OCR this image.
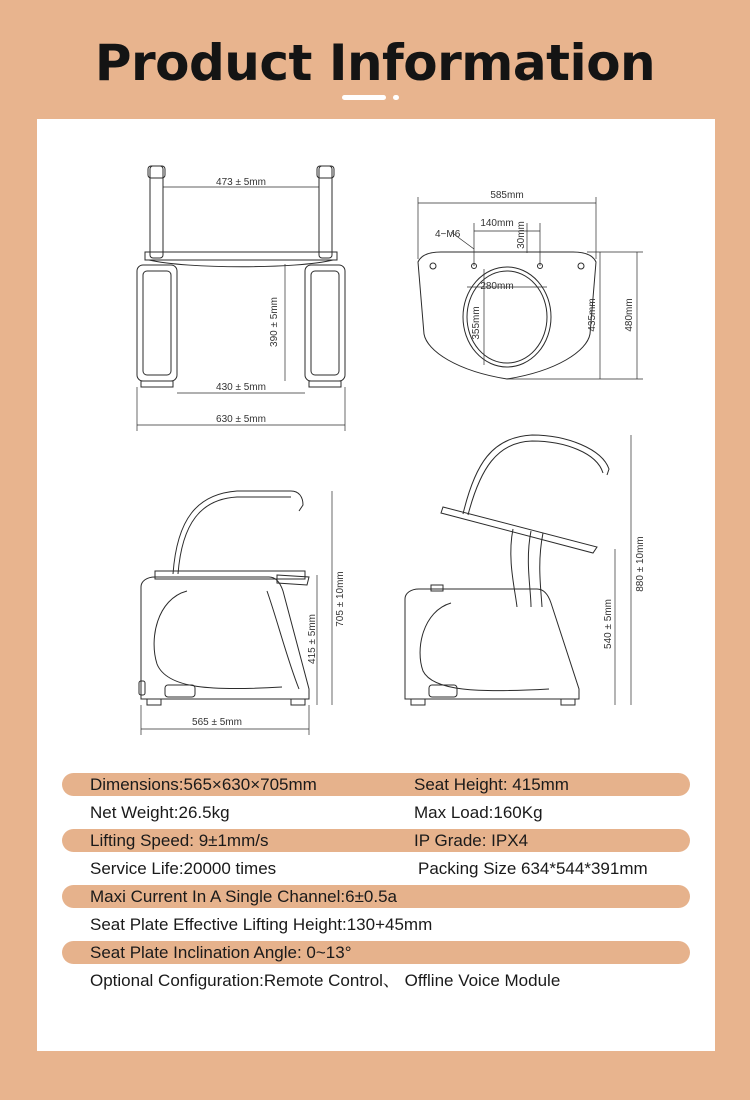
Product Information
473 ± 5mm
390 ± 5mm
430 ± 5mm
630 ± 5mm
585mm
4−M6
140mm 30mm
280mm
355mm	435mm	480mm
705 ± 10mm
415 ± 5mm
565 ± 5mm
880 ± 10mm
540 ± 5mm
Dimensions:565×630×705mm	Seat Height: 415mm
Net Weight:26.5kg	Max Load:160Kg
Lifting Speed: 9±1mm/s	IP Grade: IPX4
Service Life:20000 times	Packing Size 634*544*391mm
Maxi Current In A Single Channel:6±0.5a
Seat Plate Effective Lifting Height:130+45mm
Seat Plate Inclination Angle: 0~13°
Optional Configuration:Remote Control、 Offline Voice Module
